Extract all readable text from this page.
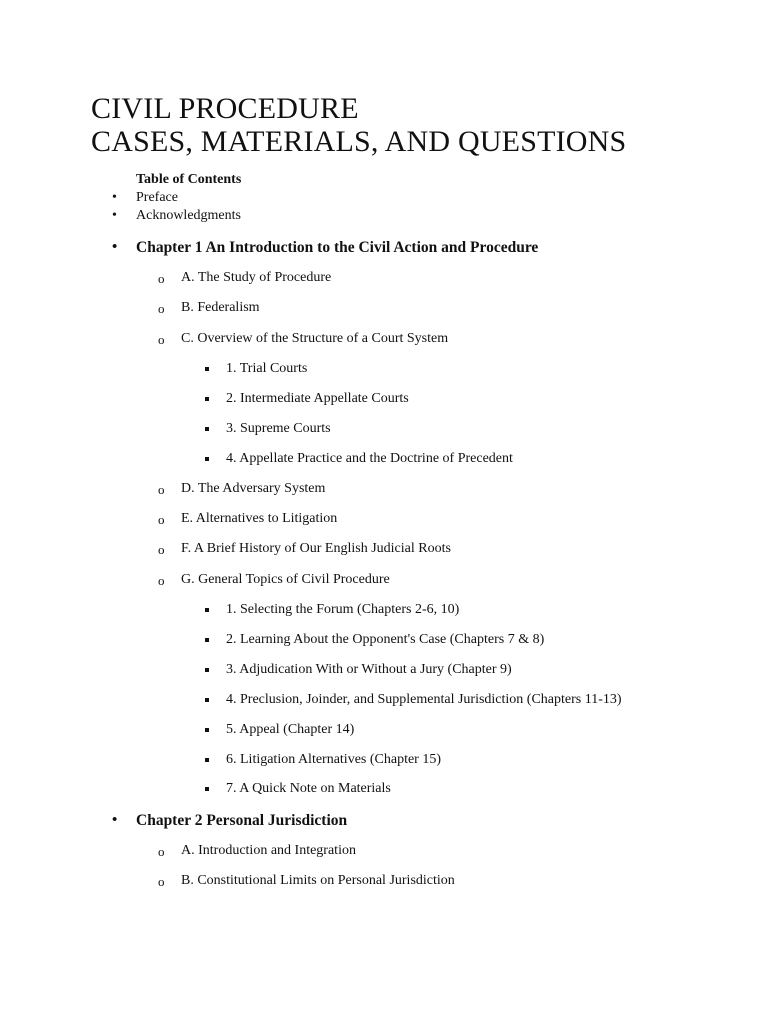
CIVIL PROCEDURE
CASES, MATERIALS, AND QUESTIONS
Table of Contents
• Preface
• Acknowledgments
• Chapter 1 An Introduction to the Civil Action and Procedure
o A. The Study of Procedure
o B. Federalism
o C. Overview of the Structure of a Court System
1. Trial Courts
2. Intermediate Appellate Courts
3. Supreme Courts
4. Appellate Practice and the Doctrine of Precedent
o D. The Adversary System
o E. Alternatives to Litigation
o F. A Brief History of Our English Judicial Roots
o G. General Topics of Civil Procedure
1. Selecting the Forum (Chapters 2-6, 10)
2. Learning About the Opponent's Case (Chapters 7 & 8)
3. Adjudication With or Without a Jury (Chapter 9)
4. Preclusion, Joinder, and Supplemental Jurisdiction (Chapters 11-13)
5. Appeal (Chapter 14)
6. Litigation Alternatives (Chapter 15)
7. A Quick Note on Materials
• Chapter 2 Personal Jurisdiction
o A. Introduction and Integration
o B. Constitutional Limits on Personal Jurisdiction
